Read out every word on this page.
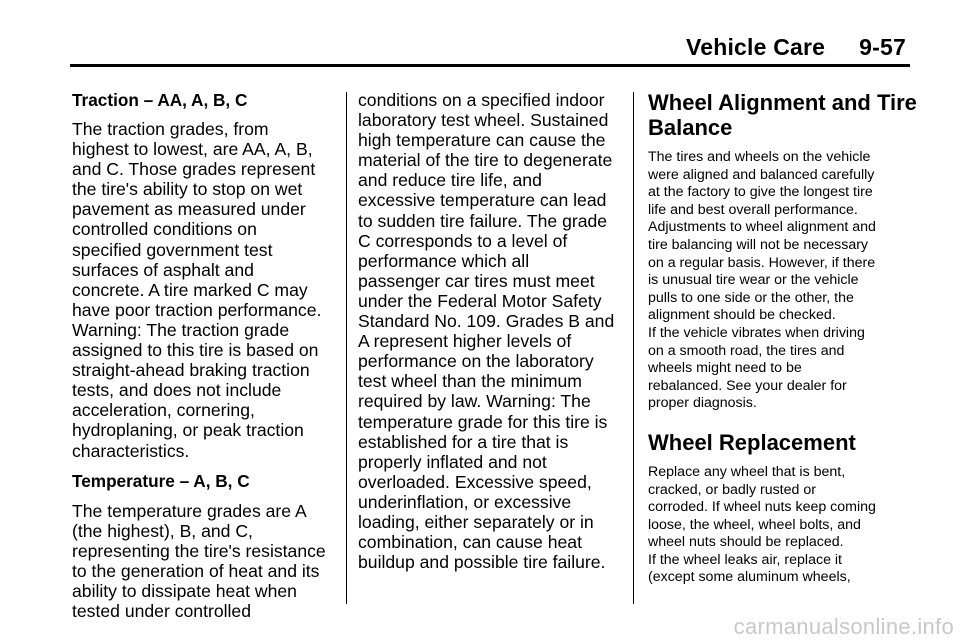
Vehicle Care 9-57
Traction – AA, A, B, C
The traction grades, from
highest to lowest, are AA, A, B,
and C. Those grades represent
the tire's ability to stop on wet
pavement as measured under
controlled conditions on
specified government test
surfaces of asphalt and
concrete. A tire marked C may
have poor traction performance.
Warning: The traction grade
assigned to this tire is based on
straight-ahead braking traction
tests, and does not include
acceleration, cornering,
hydroplaning, or peak traction
characteristics.
Temperature – A, B, C
The temperature grades are A
(the highest), B, and C,
representing the tire's resistance
to the generation of heat and its
ability to dissipate heat when
tested under controlled
conditions on a specified indoor
laboratory test wheel. Sustained
high temperature can cause the
material of the tire to degenerate
and reduce tire life, and
excessive temperature can lead
to sudden tire failure. The grade
C corresponds to a level of
performance which all
passenger car tires must meet
under the Federal Motor Safety
Standard No. 109. Grades B and
A represent higher levels of
performance on the laboratory
test wheel than the minimum
required by law. Warning: The
temperature grade for this tire is
established for a tire that is
properly inflated and not
overloaded. Excessive speed,
underinflation, or excessive
loading, either separately or in
combination, can cause heat
buildup and possible tire failure.
Wheel Alignment and Tire
Balance
The tires and wheels on the vehicle
were aligned and balanced carefully
at the factory to give the longest tire
life and best overall performance.
Adjustments to wheel alignment and
tire balancing will not be necessary
on a regular basis. However, if there
is unusual tire wear or the vehicle
pulls to one side or the other, the
alignment should be checked.
If the vehicle vibrates when driving
on a smooth road, the tires and
wheels might need to be
rebalanced. See your dealer for
proper diagnosis.
Wheel Replacement
Replace any wheel that is bent,
cracked, or badly rusted or
corroded. If wheel nuts keep coming
loose, the wheel, wheel bolts, and
wheel nuts should be replaced.
If the wheel leaks air, replace it
(except some aluminum wheels,
carmanualsonline.info
